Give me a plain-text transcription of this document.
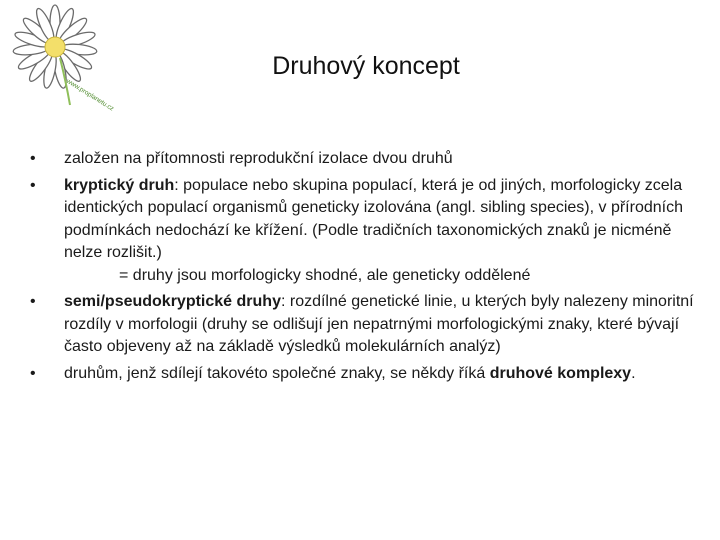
www.proplanetu.cz
Druhový koncept
•	založen na přítomnosti reprodukční izolace dvou druhů
•	kryptický druh: populace nebo skupina populací, která je od jiných, morfologicky zcela identických populací organismů geneticky izolována (angl. sibling species), v přírodních podmínkách nedochází ke křížení. (Podle tradičních taxonomických znaků je nicméně nelze rozlišit.)
= druhy jsou morfologicky shodné, ale geneticky oddělené
•	semi/pseudokryptické druhy: rozdílné genetické linie, u kterých byly nalezeny minoritní rozdíly v morfologii (druhy se odlišují jen nepatrnými morfologickými znaky, které bývají často objeveny až na základě výsledků molekulárních analýz)
•	druhům, jenž sdílejí takovéto společné znaky, se někdy říká druhové komplexy.
